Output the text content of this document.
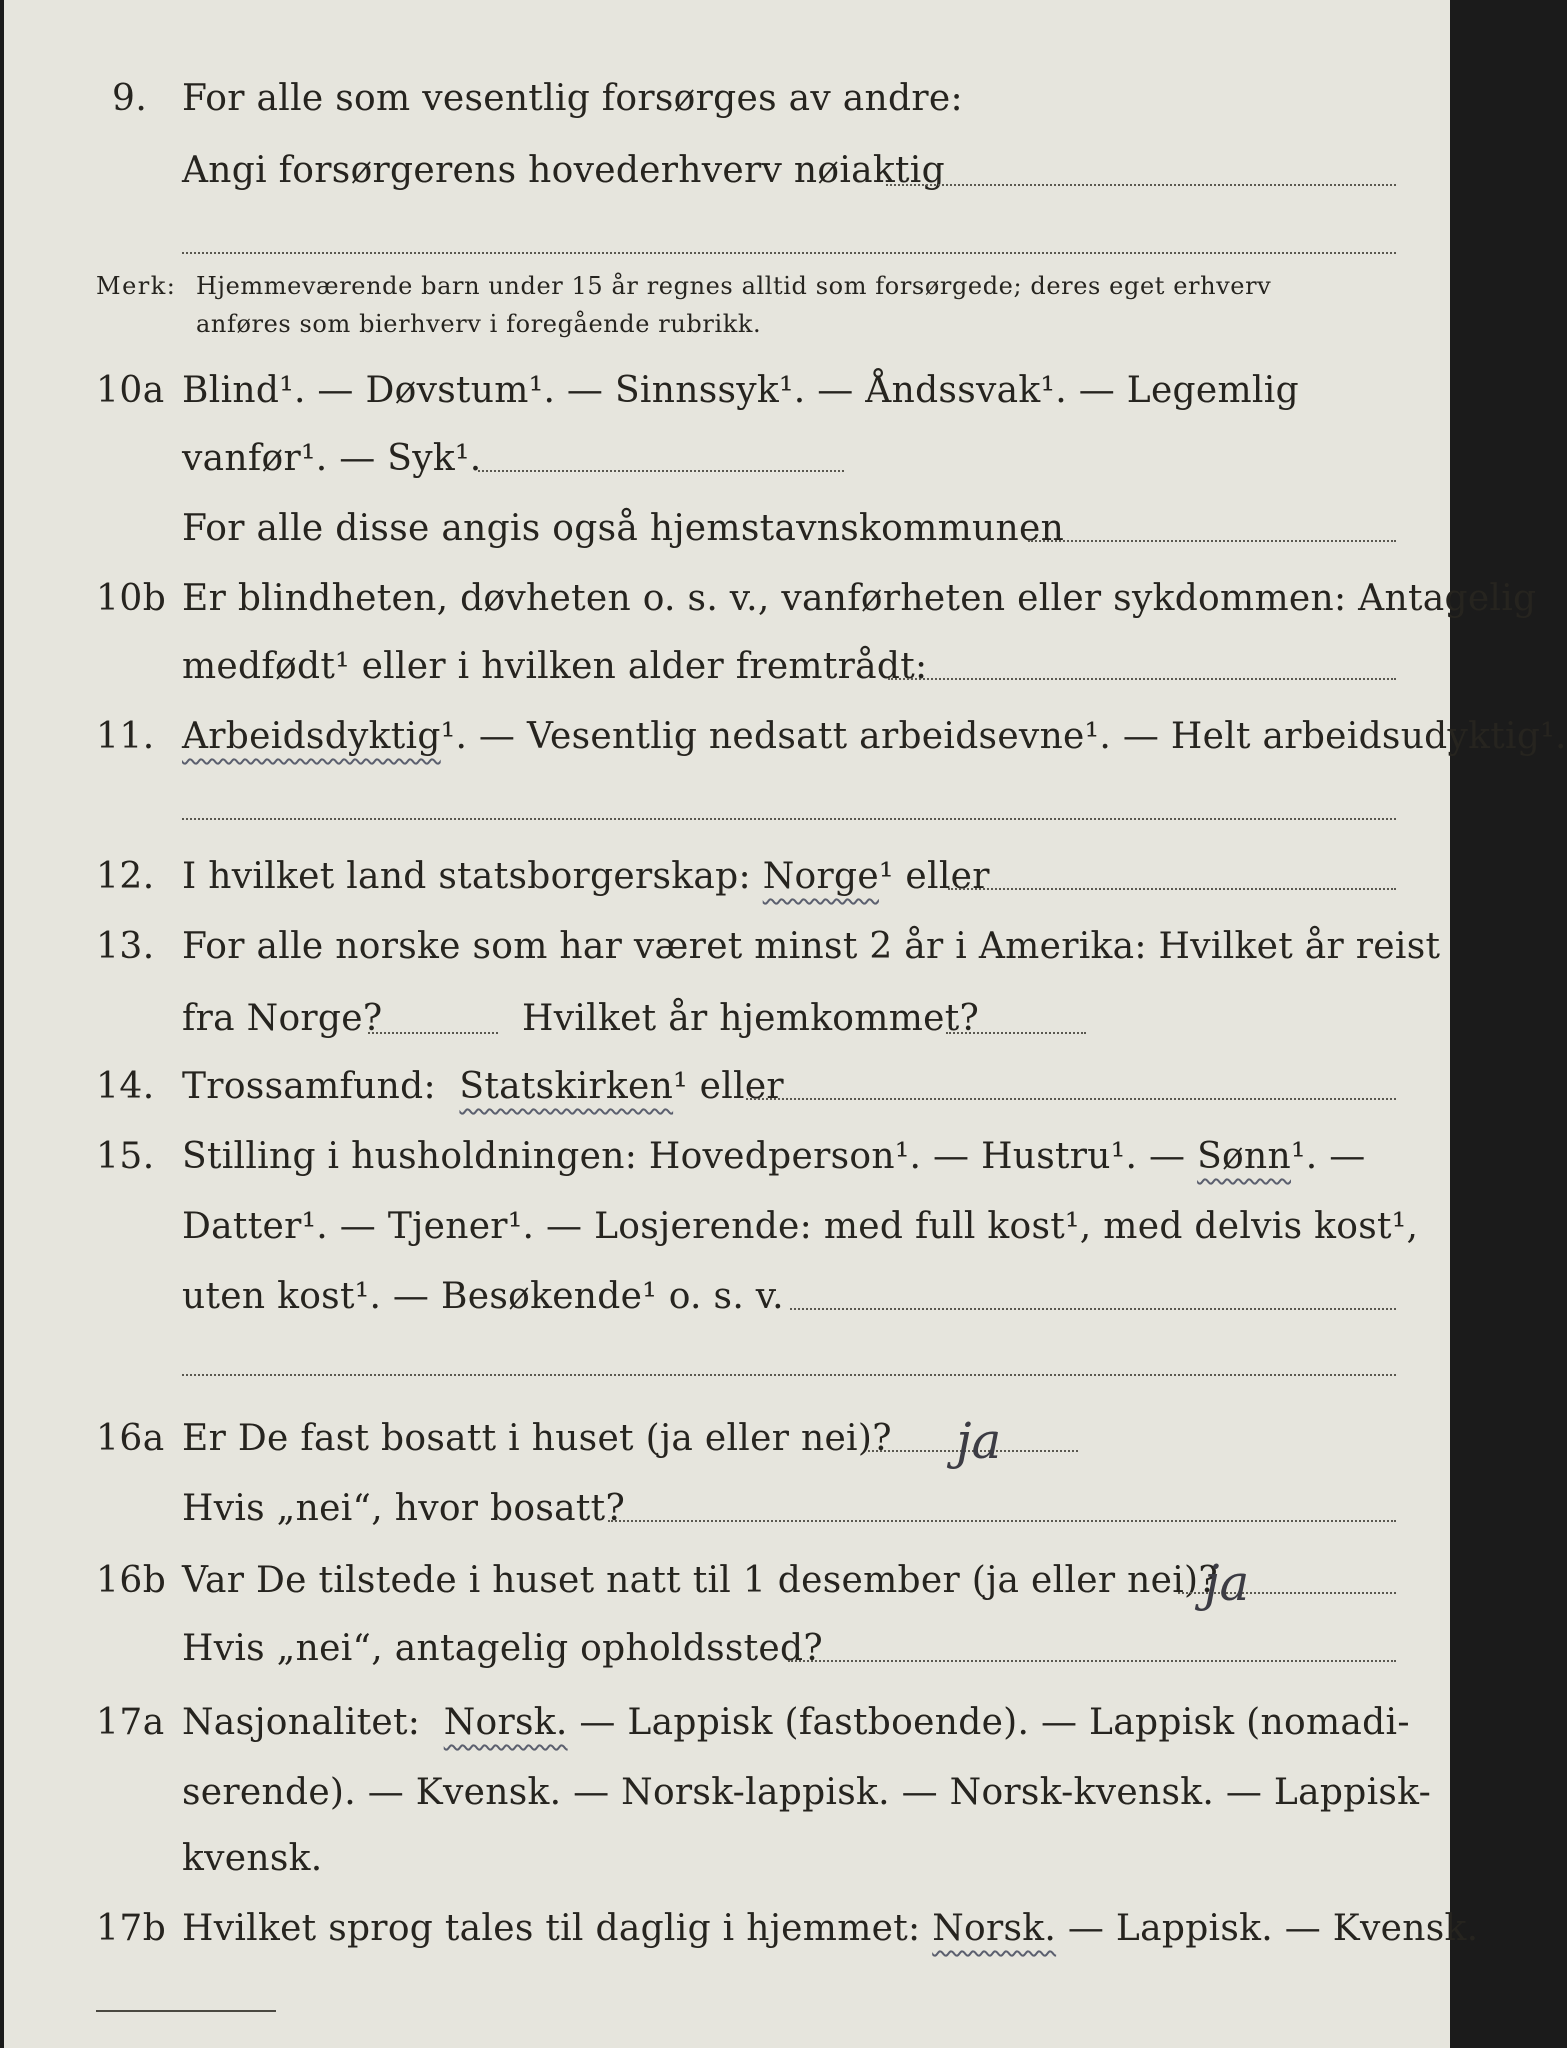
9. For alle som vesentlig forsørges av andre:
Angi forsørgerens hovederhverv nøiaktig
Merk: Hjemmeværende barn under 15 år regnes alltid som forsørgede; deres eget erhverv
anføres som bierhverv i foregående rubrikk.
10a Blind¹. — Døvstum¹. — Sinnssyk¹. — Åndssvak¹. — Legemlig
vanfør¹. — Syk¹.
For alle disse angis også hjemstavnskommunen
10b Er blindheten, døvheten o. s. v., vanførheten eller sykdommen: Antagelig
medfødt¹ eller i hvilken alder fremtrådt:
11. Arbeidsdyktig¹. — Vesentlig nedsatt arbeidsevne¹. — Helt arbeidsudyktig¹.
12. I hvilket land statsborgerskap: Norge¹ eller
13. For alle norske som har været minst 2 år i Amerika: Hvilket år reist
fra Norge?	Hvilket år hjemkommet?
14. Trossamfund: Statskirken¹ eller
15. Stilling i husholdningen: Hovedperson¹. — Hustru¹. — Sønn¹. —
Datter¹. — Tjener¹. — Losjerende: med full kost¹, med delvis kost¹,
uten kost¹. — Besøkende¹ o. s. v.
16a Er De fast bosatt i huset (ja eller nei)? ja
Hvis „nei“, hvor bosatt?
16b Var De tilstede i huset natt til 1 desember (ja eller nei)?
ja
Hvis „nei“, antagelig opholdssted?
17a Nasjonalitet: Norsk. — Lappisk (fastboende). — Lappisk (nomadi-
serende). — Kvensk. — Norsk-lappisk. — Norsk-kvensk. — Lappisk-
kvensk.
17b Hvilket sprog tales til daglig i hjemmet: Norsk. — Lappisk. — Kvensk.
